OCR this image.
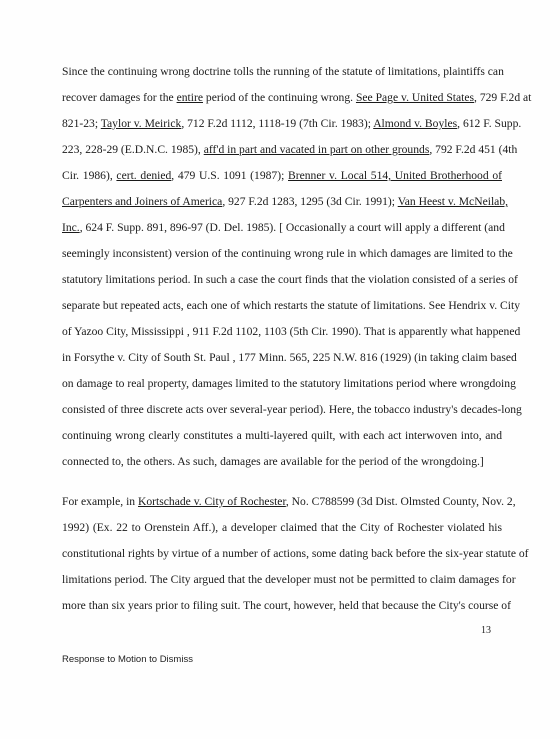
Since the continuing wrong doctrine tolls the running of the statute of limitations, plaintiffs can
recover damages for the entire period of the continuing wrong. See Page v. United States, 729 F.2d at
821-23; Taylor v. Meirick, 712 F.2d 1112, 1118-19 (7th Cir. 1983); Almond v. Boyles, 612 F. Supp.
223, 228-29 (E.D.N.C. 1985), aff'd in part and vacated in part on other grounds, 792 F.2d 451 (4th
Cir. 1986), cert. denied, 479 U.S. 1091 (1987); Brenner v. Local 514, United Brotherhood of
Carpenters and Joiners of America, 927 F.2d 1283, 1295 (3d Cir. 1991); Van Heest v. McNeilab,
Inc., 624 F. Supp. 891, 896-97 (D. Del. 1985). [ Occasionally a court will apply a different (and
seemingly inconsistent) version of the continuing wrong rule in which damages are limited to the
statutory limitations period. In such a case the court finds that the violation consisted of a series of
separate but repeated acts, each one of which restarts the statute of limitations. See Hendrix v. City
of Yazoo City, Mississippi , 911 F.2d 1102, 1103 (5th Cir. 1990). That is apparently what happened
in Forsythe v. City of South St. Paul , 177 Minn. 565, 225 N.W. 816 (1929) (in taking claim based
on damage to real property, damages limited to the statutory limitations period where wrongdoing
consisted of three discrete acts over several-year period). Here, the tobacco industry's decades-long
continuing wrong clearly constitutes a multi-layered quilt, with each act interwoven into, and
connected to, the others. As such, damages are available for the period of the wrongdoing.]
For example, in Kortschade v. City of Rochester, No. C788599 (3d Dist. Olmsted County, Nov. 2,
1992) (Ex. 22 to Orenstein Aff.), a developer claimed that the City of Rochester violated his
constitutional rights by virtue of a number of actions, some dating back before the six-year statute of
limitations period. The City argued that the developer must not be permitted to claim damages for
more than six years prior to filing suit. The court, however, held that because the City's course of
13
Response to Motion to Dismiss
